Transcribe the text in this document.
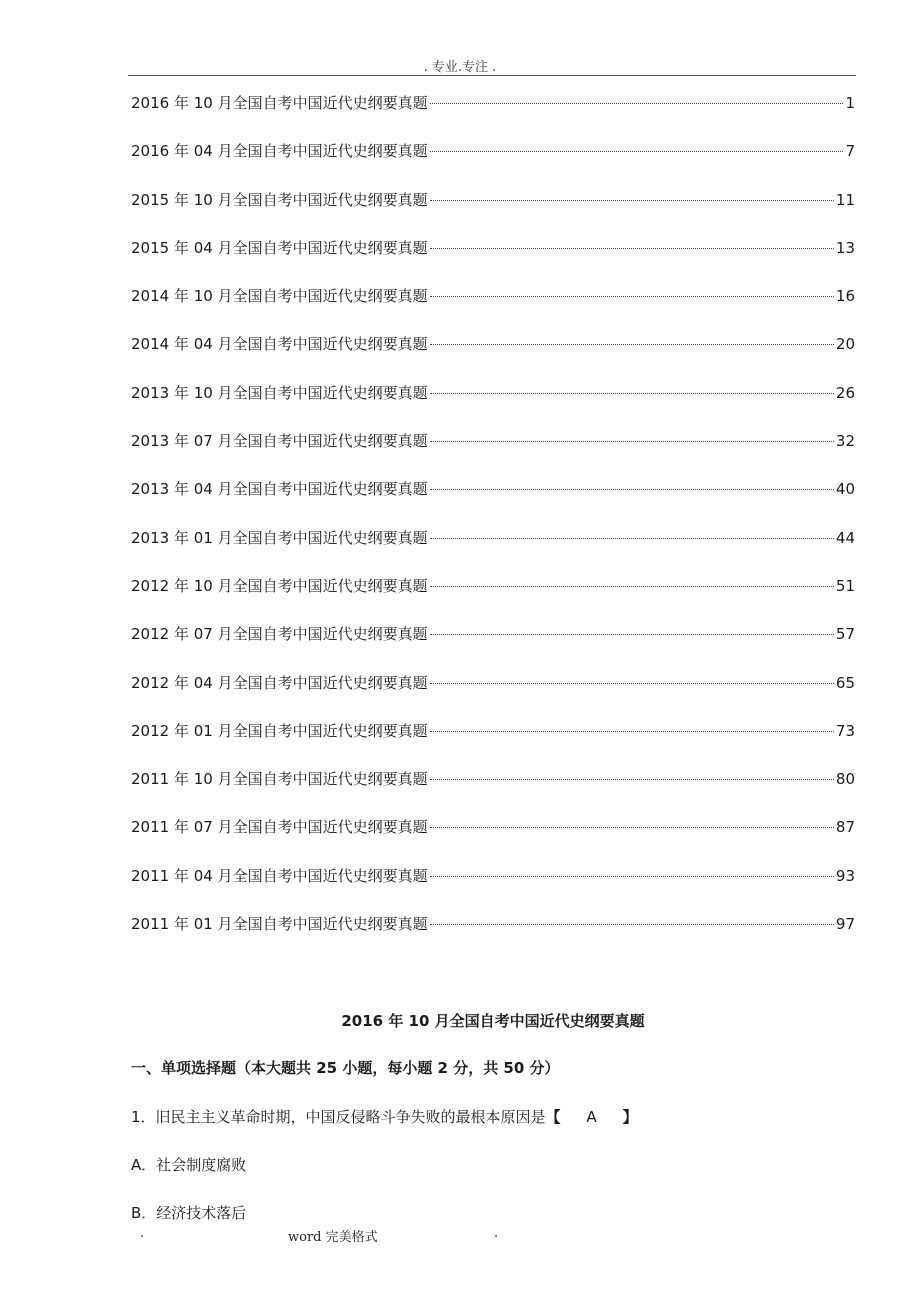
. 专业.专注 .
2016 年 10 月全国自考中国近代史纲要真题	1
2016 年 04 月全国自考中国近代史纲要真题	7
2015 年 10 月全国自考中国近代史纲要真题	11
2015 年 04 月全国自考中国近代史纲要真题	13
2014 年 10 月全国自考中国近代史纲要真题	16
2014 年 04 月全国自考中国近代史纲要真题	20
2013 年 10 月全国自考中国近代史纲要真题	26
2013 年 07 月全国自考中国近代史纲要真题	32
2013 年 04 月全国自考中国近代史纲要真题	40
2013 年 01 月全国自考中国近代史纲要真题	44
2012 年 10 月全国自考中国近代史纲要真题	51
2012 年 07 月全国自考中国近代史纲要真题	57
2012 年 04 月全国自考中国近代史纲要真题	65
2012 年 01 月全国自考中国近代史纲要真题	73
2011 年 10 月全国自考中国近代史纲要真题	80
2011 年 07 月全国自考中国近代史纲要真题	87
2011 年 04 月全国自考中国近代史纲要真题	93
2011 年 01 月全国自考中国近代史纲要真题	97
2016 年 10 月全国自考中国近代史纲要真题
一、单项选择题（本大题共 25 小题，每小题 2 分，共 50 分）
1．旧民主主义革命时期，中国反侵略斗争失败的最根本原因是【 A 】
A．社会制度腐败
B．经济技术落后
.	word 完美格式	.
